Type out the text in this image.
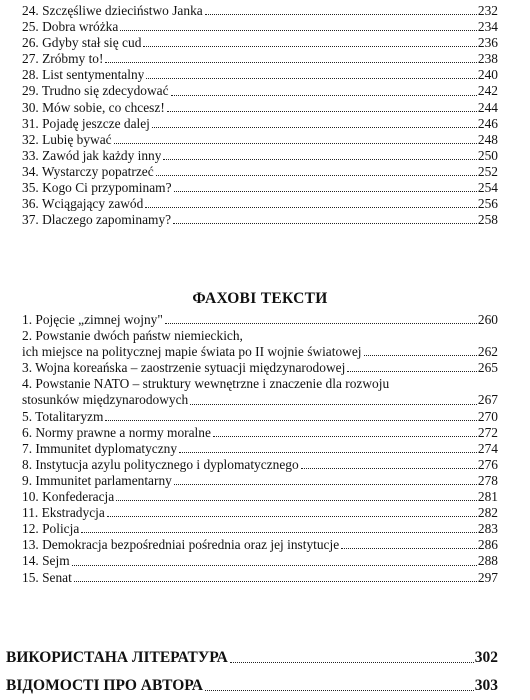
24. Szczęśliwe dzieciństwo Janka	232
25. Dobra wróżka	234
26. Gdyby stał się cud	236
27. Zróbmy to!	238
28. List sentymentalny	240
29. Trudno się zdecydować	242
30. Mów sobie, co chcesz!	244
31. Pojadę jeszcze dalej	246
32. Lubię bywać	248
33. Zawód jak każdy inny	250
34. Wystarczy popatrzeć	252
35. Kogo Ci przypominam?	254
36. Wciągający zawód	256
37. Dlaczego zapominamy?	258
ФАХОВІ ТЕКСТИ
1. Pojęcie „zimnej wojny"	260
2. Powstanie dwóch państw niemieckich,
ich miejsce na politycznej mapie świata po II wojnie światowej	262
3. Wojna koreańska – zaostrzenie sytuacji międzynarodowej	265
4. Powstanie NATO – struktury wewnętrzne i znaczenie dla rozwoju
stosunków międzynarodowych	267
5. Totalitaryzm	270
6. Normy prawne a normy moralne	272
7. Immunitet dyplomatyczny	274
8. Instytucja azylu politycznego i dyplomatycznego	276
9. Immunitet parlamentarny	278
10. Konfederacja	281
11. Ekstradycja	282
12. Policja	283
13. Demokracja bezpośredniai pośrednia oraz jej instytucje	286
14. Sejm	288
15. Senat	297
ВИКОРИСТАНА ЛІТЕРАТУРА	302
ВІДОМОСТІ ПРО АВТОРА	303
